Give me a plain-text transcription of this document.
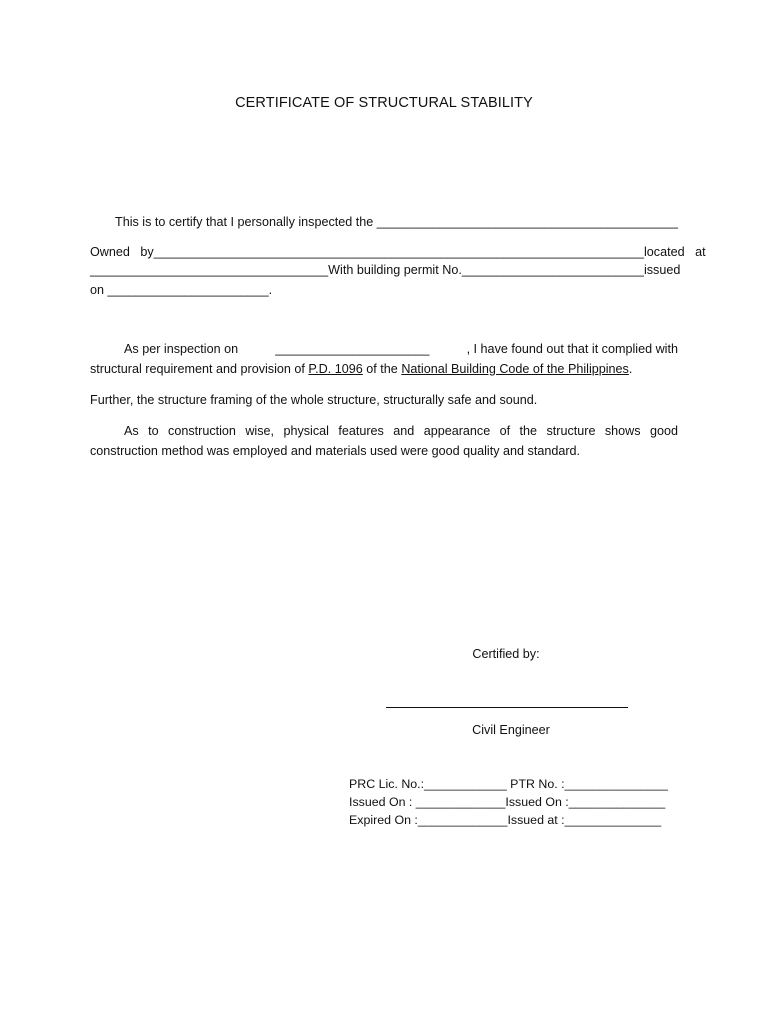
CERTIFICATE OF STRUCTURAL STABILITY
This is to certify that I personally inspected the ___________________________________________
Owned   by ______________________________________________________________________ located   at
__________________________________ With building permit No. __________________________ issued
on _______________________.
As per inspection on	______________________	, I have found out that it complied with
structural requirement and provision of P.D. 1096 of the National Building Code of the Philippines.
Further, the structure framing of the whole structure, structurally safe and sound.
As to construction wise, physical features and appearance of the structure shows good
construction method was employed and materials used were good quality and standard.
Certified by:
Civil Engineer
PRC Lic. No.:____________ PTR No. :_______________
Issued On : _____________Issued On :______________
Expired On :_____________Issued at :______________
